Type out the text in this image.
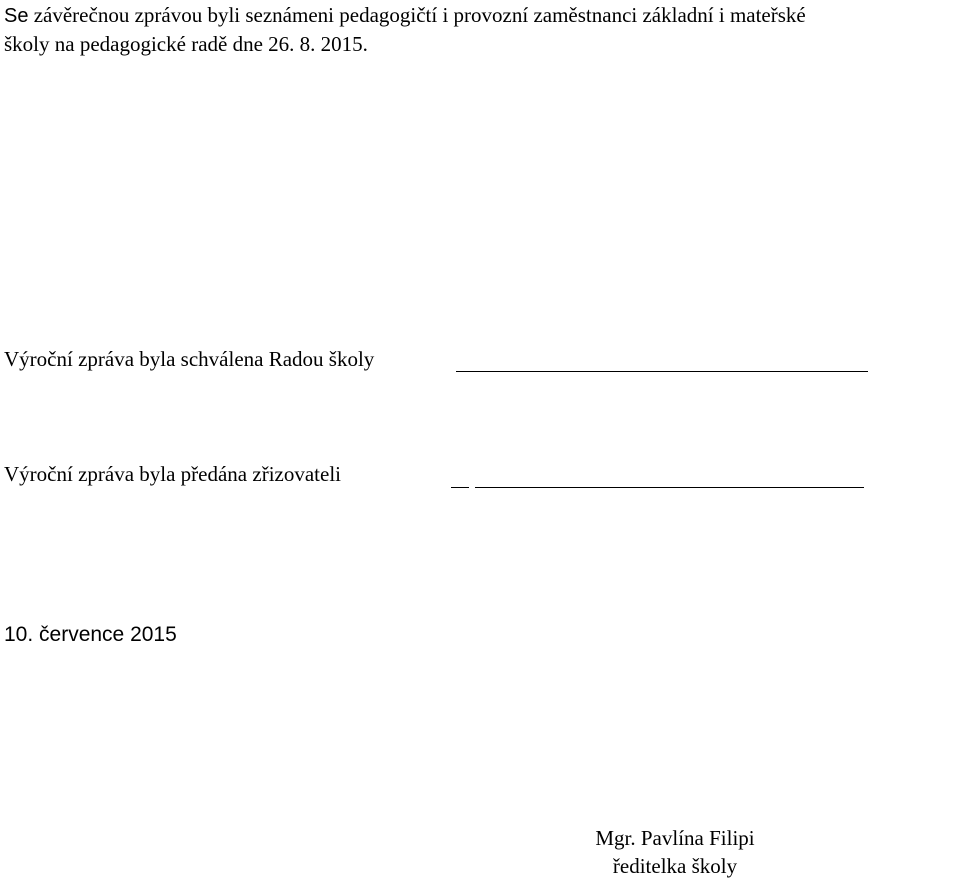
Se závěrečnou zprávou byli seznámeni pedagogičtí i provozní zaměstnanci základní i mateřské
školy na pedagogické radě dne 26. 8. 2015.

Výroční zpráva byla schválena Radou školy
Výroční zpráva byla předána zřizovateli
10. července 2015
Mgr. Pavlína Filipi
ředitelka školy
